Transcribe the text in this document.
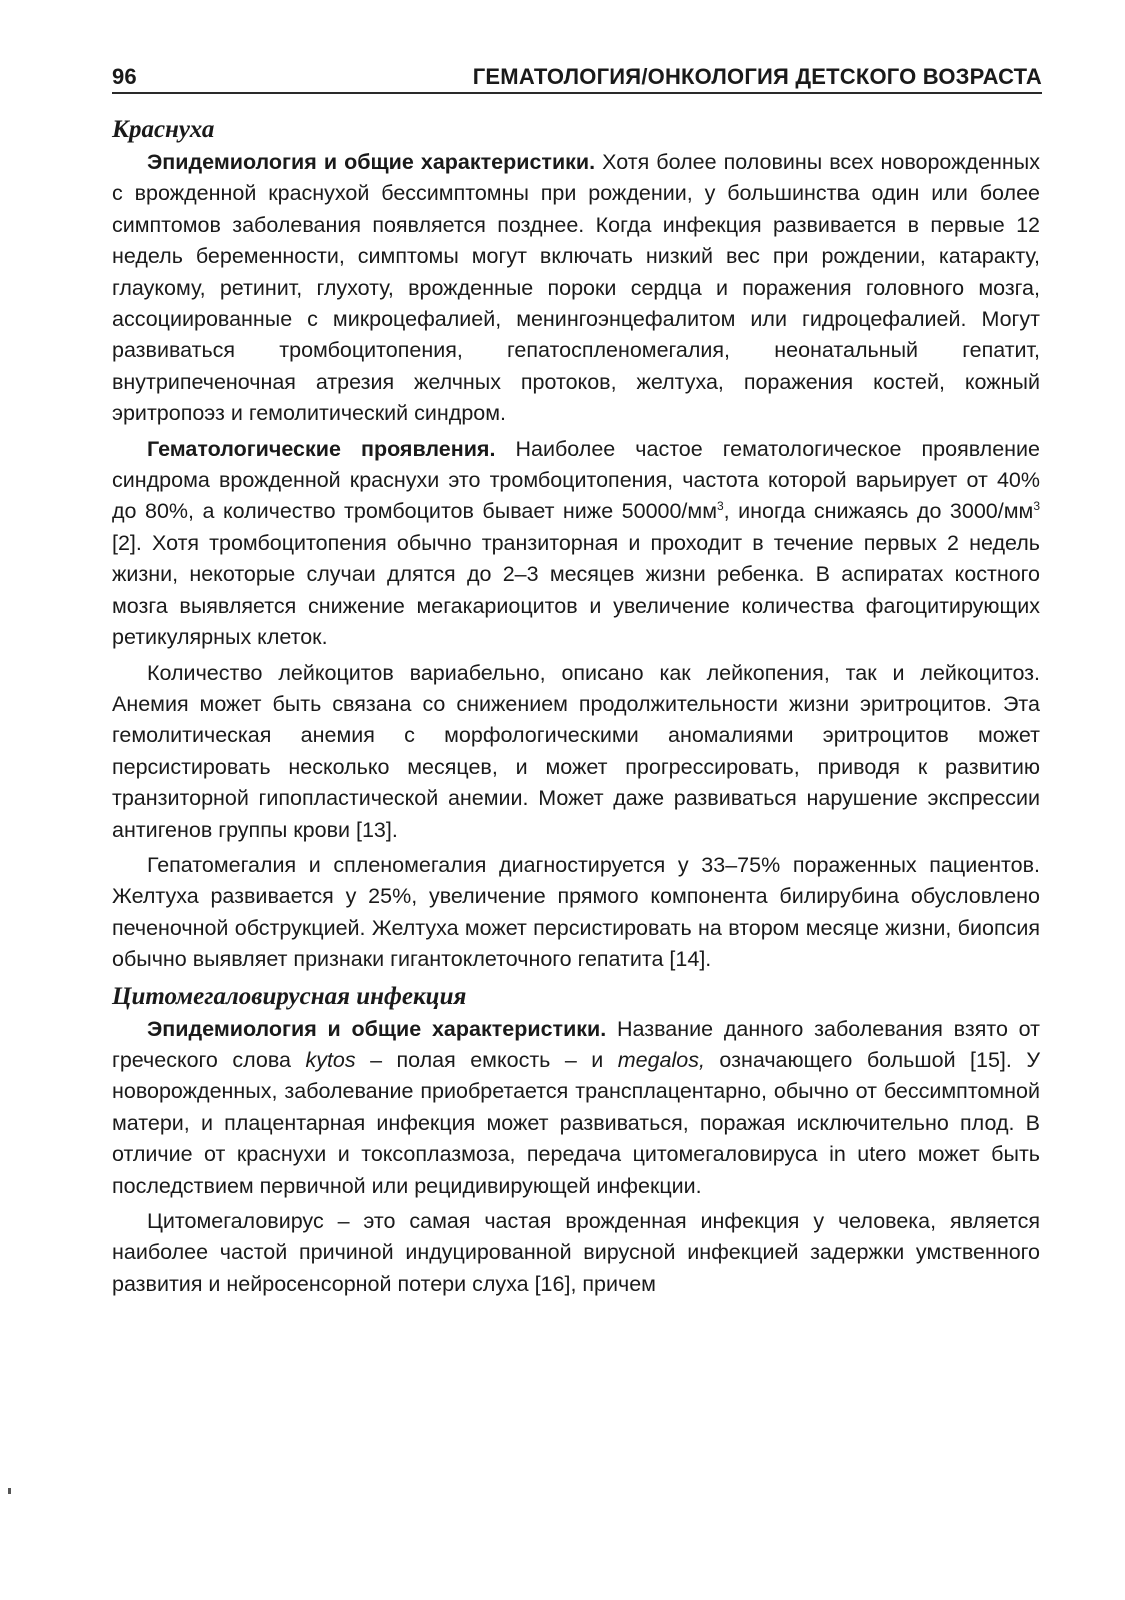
96	ГЕМАТОЛОГИЯ/ОНКОЛОГИЯ ДЕТСКОГО ВОЗРАСТА
Краснуха

Эпидемиология и общие характеристики. Хотя более половины всех новорожденных с врожденной краснухой бессимптомны при рождении, у большинства один или более симптомов заболевания появляется позднее. Когда инфекция развивается в первые 12 недель беременности, симптомы могут включать низкий вес при рождении, катаракту, глаукому, ретинит, глухоту, врожденные пороки сердца и поражения головного мозга, ассоциированные с микроцефалией, менингоэнцефалитом или гидроцефалией. Могут развиваться тромбоцитопения, гепатоспленомегалия, неонатальный гепатит, внутрипеченочная атрезия желчных протоков, желтуха, поражения костей, кожный эритропоэз и гемолитический синдром.

Гематологические проявления. Наиболее частое гематологическое проявление синдрома врожденной краснухи это тромбоцитопения, частота которой варьирует от 40% до 80%, а количество тромбоцитов бывает ниже $50000/мм^3$, иногда снижаясь до $3000/мм^3$ [2]. Хотя тромбоцитопения обычно транзиторная и проходит в течение первых 2 недель жизни, некоторые случаи длятся до 2–3 месяцев жизни ребенка. В аспиратах костного мозга выявляется снижение мегакариоцитов и увеличение количества фагоцитирующих ретикулярных клеток.

Количество лейкоцитов вариабельно, описано как лейкопения, так и лейкоцитоз. Анемия может быть связана со снижением продолжительности жизни эритроцитов. Эта гемолитическая анемия с морфологическими аномалиями эритроцитов может персистировать несколько месяцев, и может прогрессировать, приводя к развитию транзиторной гипопластической анемии. Может даже развиваться нарушение экспрессии антигенов группы крови [13].

Гепатомегалия и спленомегалия диагностируется у 33–75% пораженных пациентов. Желтуха развивается у 25%, увеличение прямого компонента билирубина обусловлено печеночной обструкцией. Желтуха может персистировать на втором месяце жизни, биопсия обычно выявляет признаки гигантоклеточного гепатита [14].

Цитомегаловирусная инфекция

Эпидемиология и общие характеристики. Название данного заболевания взято от греческого слова kytos – полая емкость – и megalos, означающего большой [15]. У новорожденных, заболевание приобретается трансплацентарно, обычно от бессимптомной матери, и плацентарная инфекция может развиваться, поражая исключительно плод. В отличие от краснухи и токсоплазмоза, передача цитомегаловируса in utero может быть последствием первичной или рецидивирующей инфекции.

Цитомегаловирус – это самая частая врожденная инфекция у человека, является наиболее частой причиной индуцированной вирусной инфекцией задержки умственного развития и нейросенсорной потери слуха [16], причем
